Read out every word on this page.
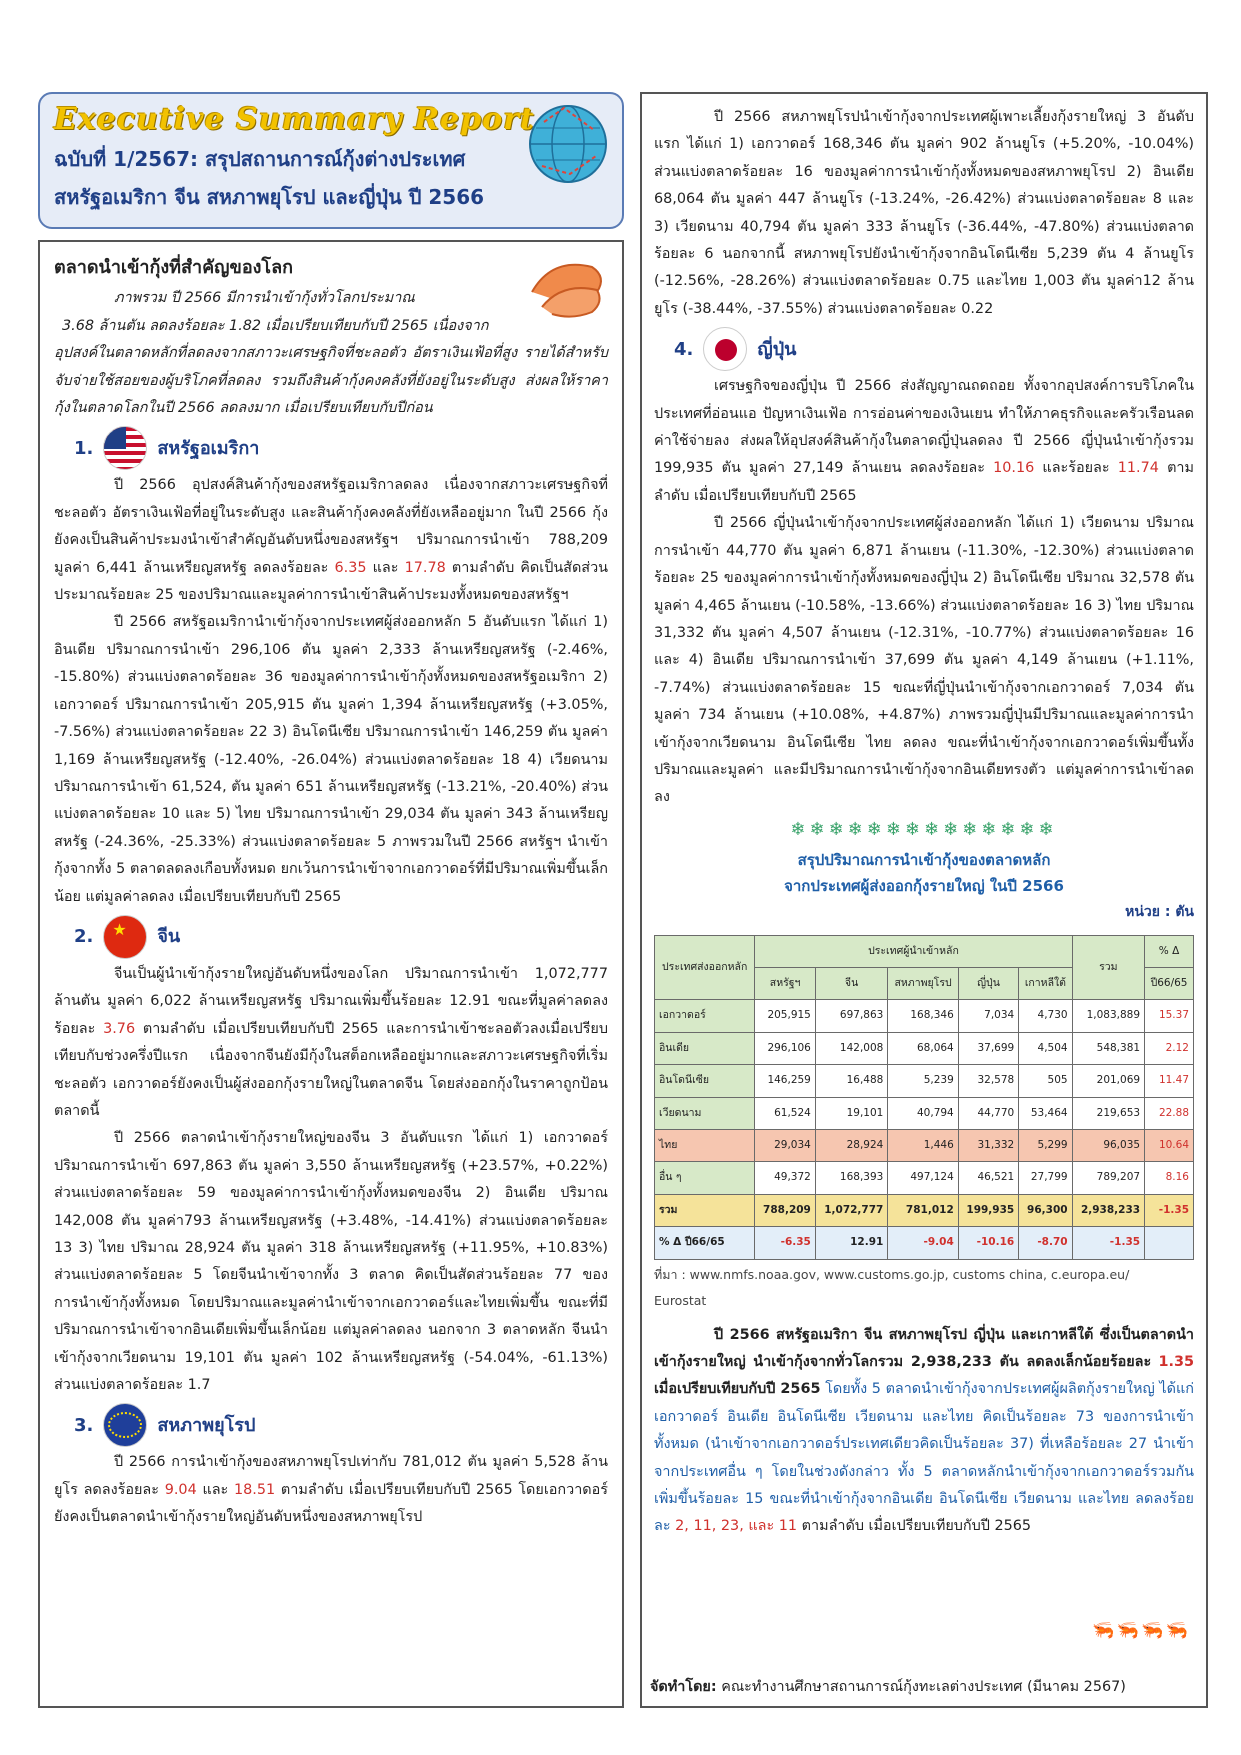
Executive Summary Report
ฉบับที่ 1/2567: สรุปสถานการณ์กุ้งต่างประเทศ
สหรัฐอเมริกา จีน สหภาพยุโรป และญี่ปุ่น ปี 2566
ตลาดนำเข้ากุ้งที่สำคัญของโลก
ภาพรวม ปี 2566 มีการนำเข้ากุ้งทั่วโลกประมาณ
3.68 ล้านตัน ลดลงร้อยละ 1.82 เมื่อเปรียบเทียบกับปี 2565 เนื่องจาก
อุปสงค์ในตลาดหลักที่ลดลงจากสภาวะเศรษฐกิจที่ชะลอตัว อัตราเงินเฟ้อที่สูง รายได้สำหรับจับจ่ายใช้สอยของผู้บริโภคที่ลดลง รวมถึงสินค้ากุ้งคงคลังที่ยังอยู่ในระดับสูง ส่งผลให้ราคากุ้งในตลาดโลกในปี 2566 ลดลงมาก เมื่อเปรียบเทียบกับปีก่อน
1.	สหรัฐอเมริกา

ปี 2566 อุปสงค์สินค้ากุ้งของสหรัฐอเมริกาลดลง เนื่องจากสภาวะเศรษฐกิจที่ชะลอตัว อัตราเงินเฟ้อที่อยู่ในระดับสูง และสินค้ากุ้งคงคลังที่ยังเหลืออยู่มาก ในปี 2566 กุ้งยังคงเป็นสินค้าประมงนำเข้าสำคัญอันดับหนึ่งของสหรัฐฯ ปริมาณการนำเข้า 788,209 มูลค่า 6,441 ล้านเหรียญสหรัฐ ลดลงร้อยละ 6.35 และ 17.78 ตามลำดับ คิดเป็นสัดส่วนประมาณร้อยละ 25 ของปริมาณและมูลค่าการนำเข้าสินค้าประมงทั้งหมดของสหรัฐฯ

ปี 2566 สหรัฐอเมริกานำเข้ากุ้งจากประเทศผู้ส่งออกหลัก 5 อันดับแรก ได้แก่ 1) อินเดีย ปริมาณการนำเข้า 296,106 ตัน มูลค่า 2,333 ล้านเหรียญสหรัฐ (-2.46%, -15.80%) ส่วนแบ่งตลาดร้อยละ 36 ของมูลค่าการนำเข้ากุ้งทั้งหมดของสหรัฐอเมริกา 2) เอกวาดอร์ ปริมาณการนำเข้า 205,915 ตัน มูลค่า 1,394 ล้านเหรียญสหรัฐ (+3.05%, -7.56%) ส่วนแบ่งตลาดร้อยละ 22 3) อินโดนีเซีย ปริมาณการนำเข้า 146,259 ตัน มูลค่า 1,169 ล้านเหรียญสหรัฐ (-12.40%, -26.04%) ส่วนแบ่งตลาดร้อยละ 18 4) เวียดนาม ปริมาณการนำเข้า 61,524, ตัน มูลค่า 651 ล้านเหรียญสหรัฐ (-13.21%, -20.40%) ส่วนแบ่งตลาดร้อยละ 10 และ 5) ไทย ปริมาณการนำเข้า 29,034 ตัน มูลค่า 343 ล้านเหรียญสหรัฐ (-24.36%, -25.33%) ส่วนแบ่งตลาดร้อยละ 5 ภาพรวมในปี 2566 สหรัฐฯ นำเข้ากุ้งจากทั้ง 5 ตลาดลดลงเกือบทั้งหมด ยกเว้นการนำเข้าจากเอกวาดอร์ที่มีปริมาณเพิ่มขึ้นเล็กน้อย แต่มูลค่าลดลง เมื่อเปรียบเทียบกับปี 2565

2. ★ จีน

จีนเป็นผู้นำเข้ากุ้งรายใหญ่อันดับหนึ่งของโลก ปริมาณการนำเข้า 1,072,777 ล้านตัน มูลค่า 6,022 ล้านเหรียญสหรัฐ ปริมาณเพิ่มขึ้นร้อยละ 12.91 ขณะที่มูลค่าลดลงร้อยละ 3.76 ตามลำดับ เมื่อเปรียบเทียบกับปี 2565 และการนำเข้าชะลอตัวลงเมื่อเปรียบเทียบกับช่วงครึ่งปีแรก เนื่องจากจีนยังมีกุ้งในสต็อกเหลืออยู่มากและสภาวะเศรษฐกิจที่เริ่มชะลอตัว เอกวาดอร์ยังคงเป็นผู้ส่งออกกุ้งรายใหญ่ในตลาดจีน โดยส่งออกกุ้งในราคาถูกป้อนตลาดนี้

ปี 2566 ตลาดนำเข้ากุ้งรายใหญ่ของจีน 3 อันดับแรก ได้แก่ 1) เอกวาดอร์ ปริมาณการนำเข้า 697,863 ตัน มูลค่า 3,550 ล้านเหรียญสหรัฐ (+23.57%, +0.22%) ส่วนแบ่งตลาดร้อยละ 59 ของมูลค่าการนำเข้ากุ้งทั้งหมดของจีน 2) อินเดีย ปริมาณ 142,008 ตัน มูลค่า793 ล้านเหรียญสหรัฐ (+3.48%, -14.41%) ส่วนแบ่งตลาดร้อยละ 13 3) ไทย ปริมาณ 28,924 ตัน มูลค่า 318 ล้านเหรียญสหรัฐ (+11.95%, +10.83%) ส่วนแบ่งตลาดร้อยละ 5 โดยจีนนำเข้าจากทั้ง 3 ตลาด คิดเป็นสัดส่วนร้อยละ 77 ของการนำเข้ากุ้งทั้งหมด โดยปริมาณและมูลค่านำเข้าจากเอกวาดอร์และไทยเพิ่มขึ้น ขณะที่มีปริมาณการนำเข้าจากอินเดียเพิ่มขึ้นเล็กน้อย แต่มูลค่าลดลง นอกจาก 3 ตลาดหลัก จีนนำเข้ากุ้งจากเวียดนาม 19,101 ตัน มูลค่า 102 ล้านเหรียญสหรัฐ (-54.04%, -61.13%) ส่วนแบ่งตลาดร้อยละ 1.7

3.	สหภาพยุโรป

ปี 2566 การนำเข้ากุ้งของสหภาพยุโรปเท่ากับ 781,012 ตัน มูลค่า 5,528 ล้านยูโร ลดลงร้อยละ 9.04 และ 18.51 ตามลำดับ เมื่อเปรียบเทียบกับปี 2565 โดยเอกวาดอร์ยังคงเป็นตลาดนำเข้ากุ้งรายใหญ่อันดับหนึ่งของสหภาพยุโรป

ปี 2566 สหภาพยุโรปนำเข้ากุ้งจากประเทศผู้เพาะเลี้ยงกุ้งรายใหญ่ 3 อันดับแรก ได้แก่ 1) เอกวาดอร์ 168,346 ตัน มูลค่า 902 ล้านยูโร (+5.20%, -10.04%) ส่วนแบ่งตลาดร้อยละ 16 ของมูลค่าการนำเข้ากุ้งทั้งหมดของสหภาพยุโรป 2) อินเดีย 68,064 ตัน มูลค่า 447 ล้านยูโร (-13.24%, -26.42%) ส่วนแบ่งตลาดร้อยละ 8 และ 3) เวียดนาม 40,794 ตัน มูลค่า 333 ล้านยูโร (-36.44%, -47.80%) ส่วนแบ่งตลาดร้อยละ 6 นอกจากนี้ สหภาพยุโรปยังนำเข้ากุ้งจากอินโดนีเซีย 5,239 ตัน 4 ล้านยูโร (-12.56%, -28.26%) ส่วนแบ่งตลาดร้อยละ 0.75 และไทย 1,003 ตัน มูลค่า12 ล้านยูโร (-38.44%, -37.55%) ส่วนแบ่งตลาดร้อยละ 0.22

4.	ญี่ปุ่น

เศรษฐกิจของญี่ปุ่น ปี 2566 ส่งสัญญาณถดถอย ทั้งจากอุปสงค์การบริโภคในประเทศที่อ่อนแอ ปัญหาเงินเฟ้อ การอ่อนค่าของเงินเยน ทำให้ภาคธุรกิจและครัวเรือนลดค่าใช้จ่ายลง ส่งผลให้อุปสงค์สินค้ากุ้งในตลาดญี่ปุ่นลดลง ปี 2566 ญี่ปุ่นนำเข้ากุ้งรวม 199,935 ตัน มูลค่า 27,149 ล้านเยน ลดลงร้อยละ 10.16 และร้อยละ 11.74 ตามลำดับ เมื่อเปรียบเทียบกับปี 2565

ปี 2566 ญี่ปุ่นนำเข้ากุ้งจากประเทศผู้ส่งออกหลัก ได้แก่ 1) เวียดนาม ปริมาณการนำเข้า 44,770 ตัน มูลค่า 6,871 ล้านเยน (-11.30%, -12.30%) ส่วนแบ่งตลาดร้อยละ 25 ของมูลค่าการนำเข้ากุ้งทั้งหมดของญี่ปุ่น 2) อินโดนีเซีย ปริมาณ 32,578 ตัน มูลค่า 4,465 ล้านเยน (-10.58%, -13.66%) ส่วนแบ่งตลาดร้อยละ 16 3) ไทย ปริมาณ 31,332 ตัน มูลค่า 4,507 ล้านเยน (-12.31%, -10.77%) ส่วนแบ่งตลาดร้อยละ 16 และ 4) อินเดีย ปริมาณการนำเข้า 37,699 ตัน มูลค่า 4,149 ล้านเยน (+1.11%, -7.74%) ส่วนแบ่งตลาดร้อยละ 15 ขณะที่ญี่ปุ่นนำเข้ากุ้งจากเอกวาดอร์ 7,034 ตัน มูลค่า 734 ล้านเยน (+10.08%, +4.87%) ภาพรวมญี่ปุ่นมีปริมาณและมูลค่าการนำเข้ากุ้งจากเวียดนาม อินโดนีเซีย ไทย ลดลง ขณะที่นำเข้ากุ้งจากเอกวาดอร์เพิ่มขึ้นทั้งปริมาณและมูลค่า และมีปริมาณการนำเข้ากุ้งจากอินเดียทรงตัว แต่มูลค่าการนำเข้าลดลง

❄❄❄❄❄❄❄❄❄❄❄❄❄❄
สรุปปริมาณการนำเข้ากุ้งของตลาดหลัก
จากประเทศผู้ส่งออกกุ้งรายใหญ่ ในปี 2566
หน่วย : ตัน
ประเทศส่งออกหลัก	ประเทศผู้นำเข้าหลัก					รวม	% Δ
	สหรัฐฯ	จีน	สหภาพยุโรป	ญี่ปุ่น	เกาหลีใต้		ปี66/65
เอกวาดอร์	205,915	697,863	168,346	7,034	4,730	1,083,889	15.37
อินเดีย	296,106	142,008	68,064	37,699	4,504	548,381	2.12
อินโดนีเซีย	146,259	16,488	5,239	32,578	505	201,069	11.47
เวียดนาม	61,524	19,101	40,794	44,770	53,464	219,653	22.88
ไทย	29,034	28,924	1,446	31,332	5,299	96,035	10.64
อื่น ๆ	49,372	168,393	497,124	46,521	27,799	789,207	8.16
รวม	788,209	1,072,777	781,012	199,935	96,300	2,938,233	-1.35
% Δ ปี66/65	-6.35	12.91	-9.04	-10.16	-8.70	-1.35	
ที่มา : www.nmfs.noaa.gov, www.customs.go.jp, customs china, c.europa.eu/
Eurostat

ปี 2566 สหรัฐอเมริกา จีน สหภาพยุโรป ญี่ปุ่น และเกาหลีใต้ ซึ่งเป็นตลาดนำเข้ากุ้งรายใหญ่ นำเข้ากุ้งจากทั่วโลกรวม 2,938,233 ตัน ลดลงเล็กน้อยร้อยละ 1.35 เมื่อเปรียบเทียบกับปี 2565 โดยทั้ง 5 ตลาดนำเข้ากุ้งจากประเทศผู้ผลิตกุ้งรายใหญ่ ได้แก่ เอกวาดอร์ อินเดีย อินโดนีเซีย เวียดนาม และไทย คิดเป็นร้อยละ 73 ของการนำเข้าทั้งหมด (นำเข้าจากเอกวาดอร์ประเทศเดียวคิดเป็นร้อยละ 37) ที่เหลือร้อยละ 27 นำเข้าจากประเทศอื่น ๆ โดยในช่วงดังกล่าว ทั้ง 5 ตลาดหลักนำเข้ากุ้งจากเอกวาดอร์รวมกัน เพิ่มขึ้นร้อยละ 15 ขณะที่นำเข้ากุ้งจากอินเดีย อินโดนีเซีย เวียดนาม และไทย ลดลงร้อยละ 2, 11, 23, และ 11 ตามลำดับ เมื่อเปรียบเทียบกับปี 2565

🦐🦐🦐🦐
จัดทำโดย: คณะทำงานศึกษาสถานการณ์กุ้งทะเลต่างประเทศ (มีนาคม 2567)
